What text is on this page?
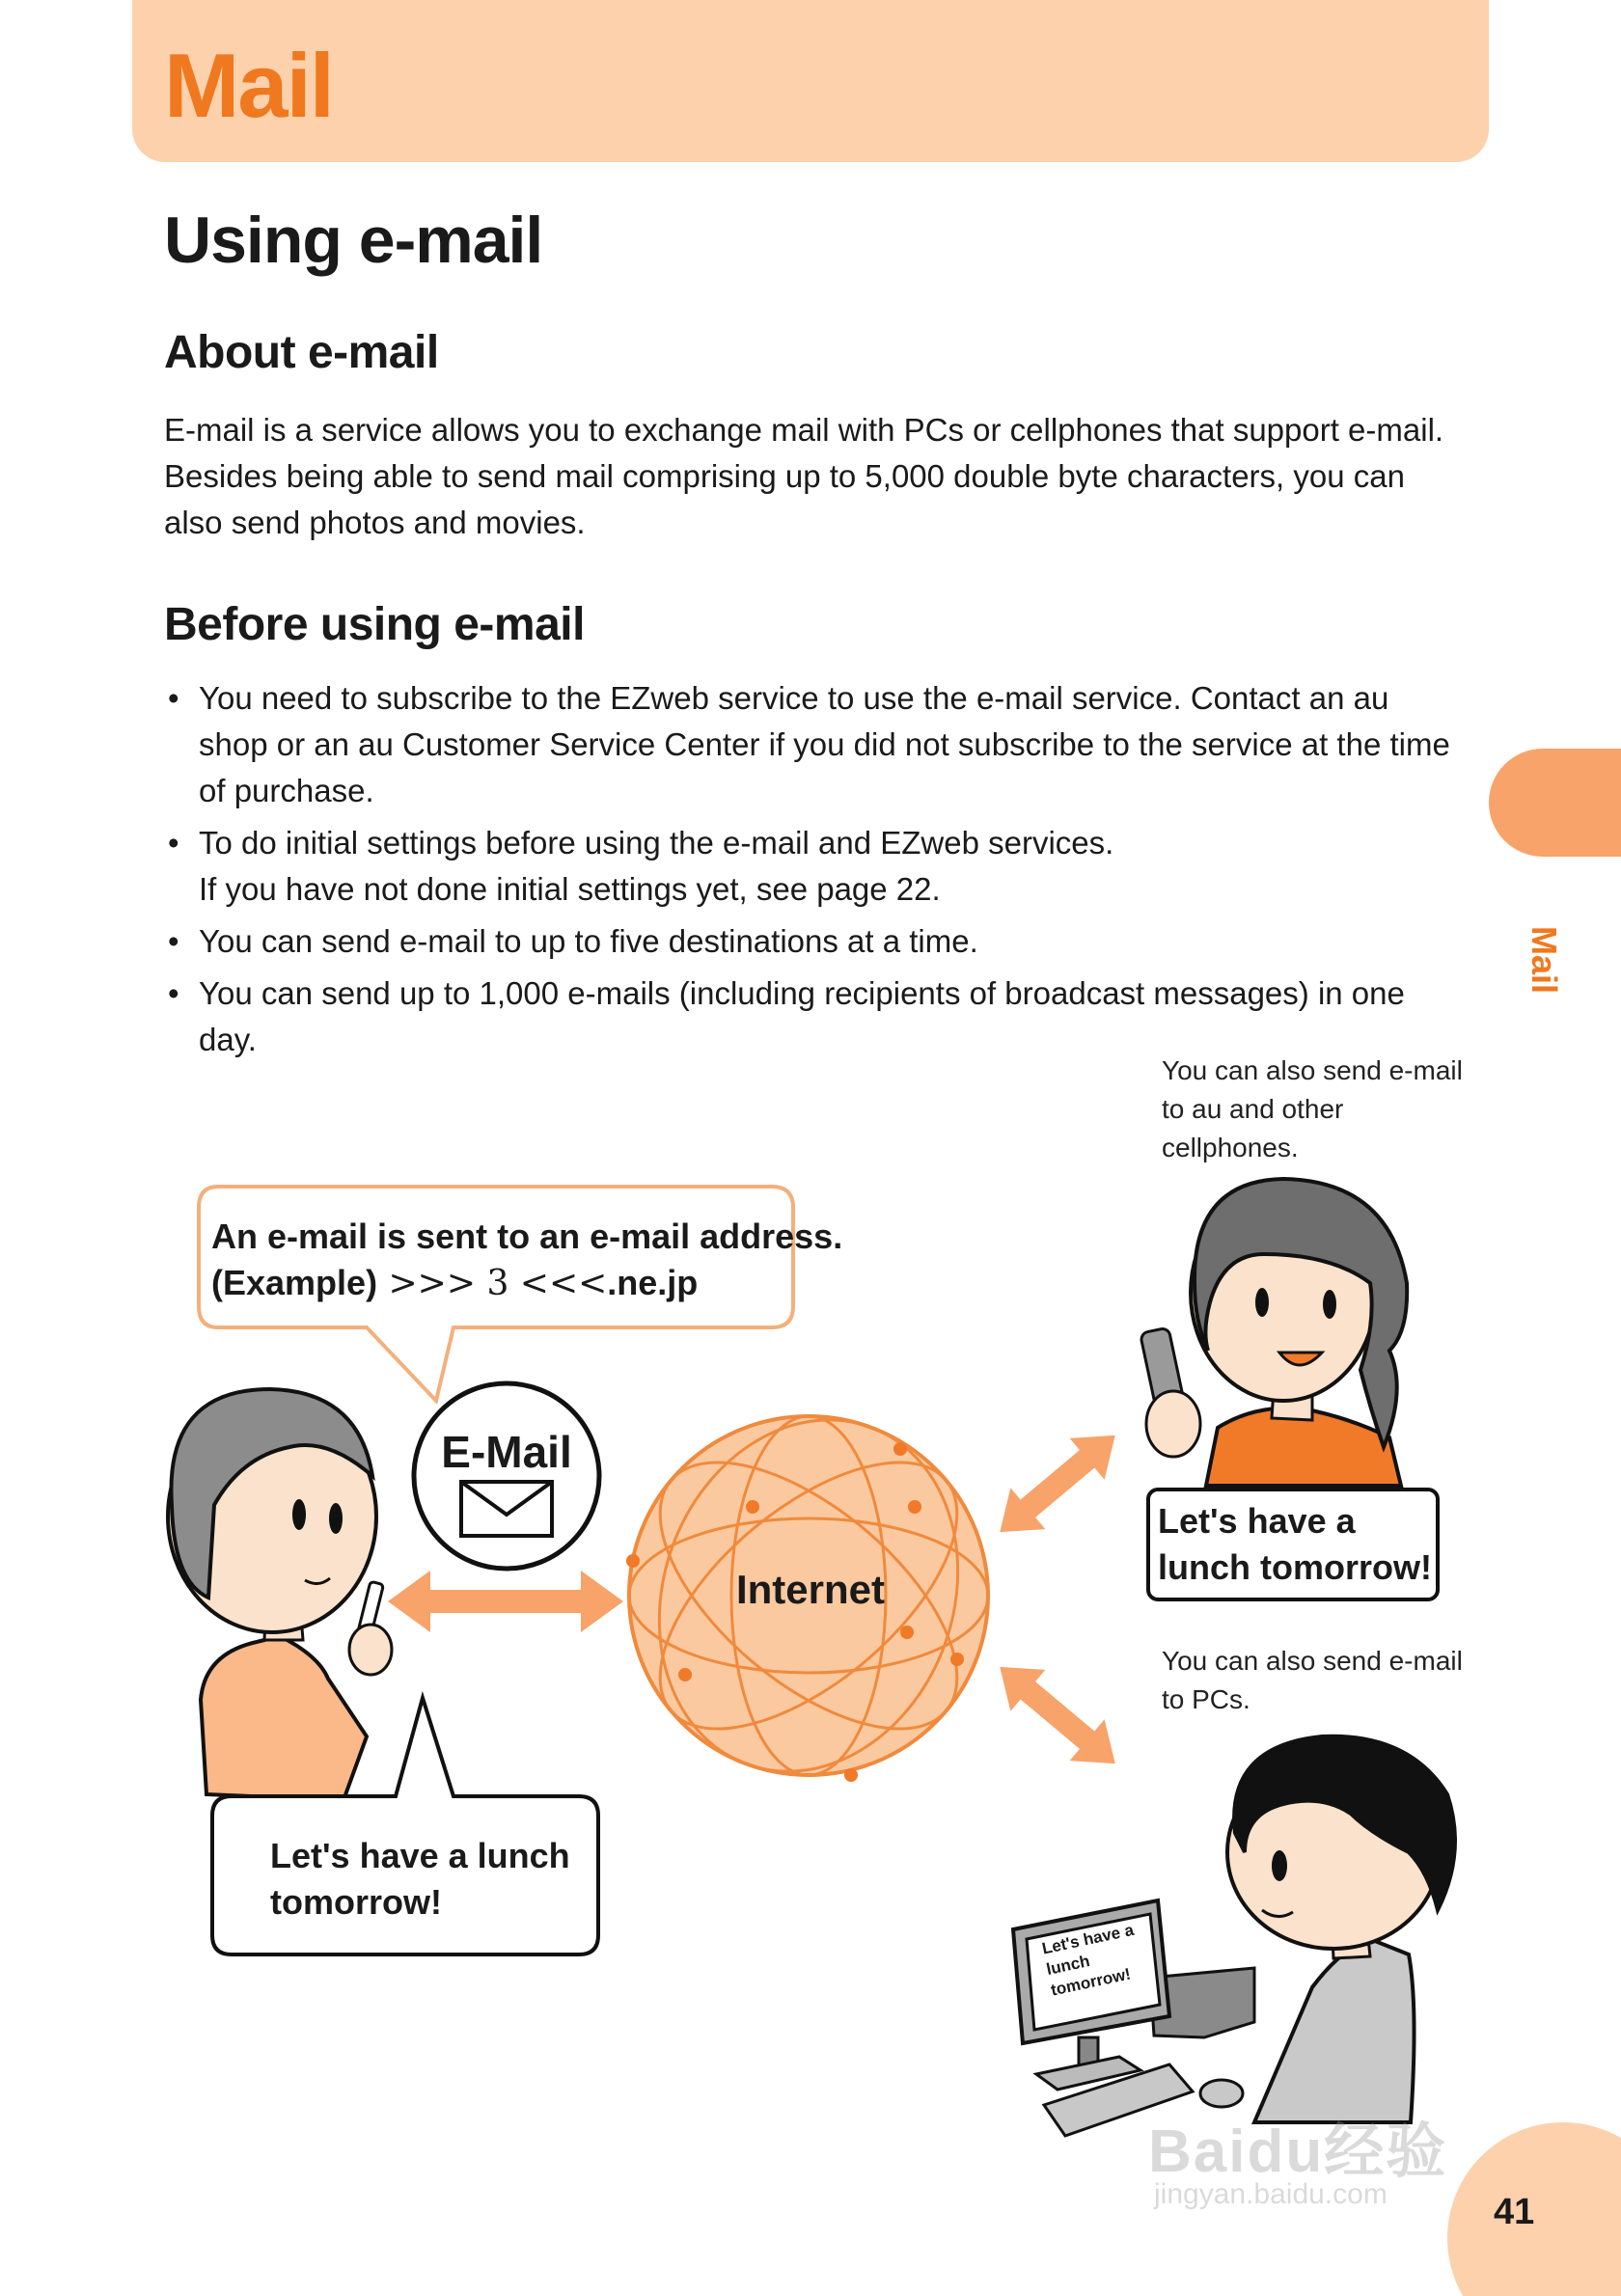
Mail
Using e-mail
About e-mail

E-mail is a service allows you to exchange mail with PCs or cellphones that support e-mail. Besides being able to send mail comprising up to 5,000 double byte characters, you can also send photos and movies.

Before using e-mail
• You need to subscribe to the EZweb service to use the e-mail service. Contact an au shop or an au Customer Service Center if you did not subscribe to the service at the time of purchase.
• To do initial settings before using the e-mail and EZweb services.
If you have not done initial settings yet, see page 22.
• You can send e-mail to up to five destinations at a time.
• You can send up to 1,000 e-mails (including recipients of broadcast messages) in one day.
Mail
You can also send e-mail to au and other cellphones.
You can also send e-mail to PCs.
An e-mail is sent to an e-mail address.
(Example) >>> 3 <<<.ne.jp
E-Mail
Internet
Let's have a lunch tomorrow!
Let's have a lunch tomorrow!
Let's have a lunch tomorrow!
Baidu经验
jingyan.baidu.com	41
